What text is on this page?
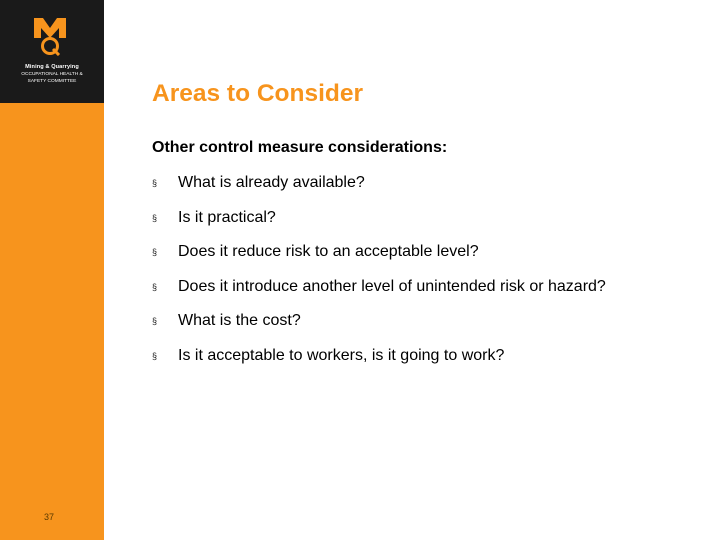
Mining & Quarrying
OCCUPATIONAL HEALTH &
SAFETY COMMITTEE
37
Areas to Consider

Other control measure considerations:

§ What is already available?
§ Is it practical?
§ Does it reduce risk to an acceptable level?
§ Does it introduce another level of unintended risk or hazard?
§ What is the cost?
§ Is it acceptable to workers, is it going to work?
